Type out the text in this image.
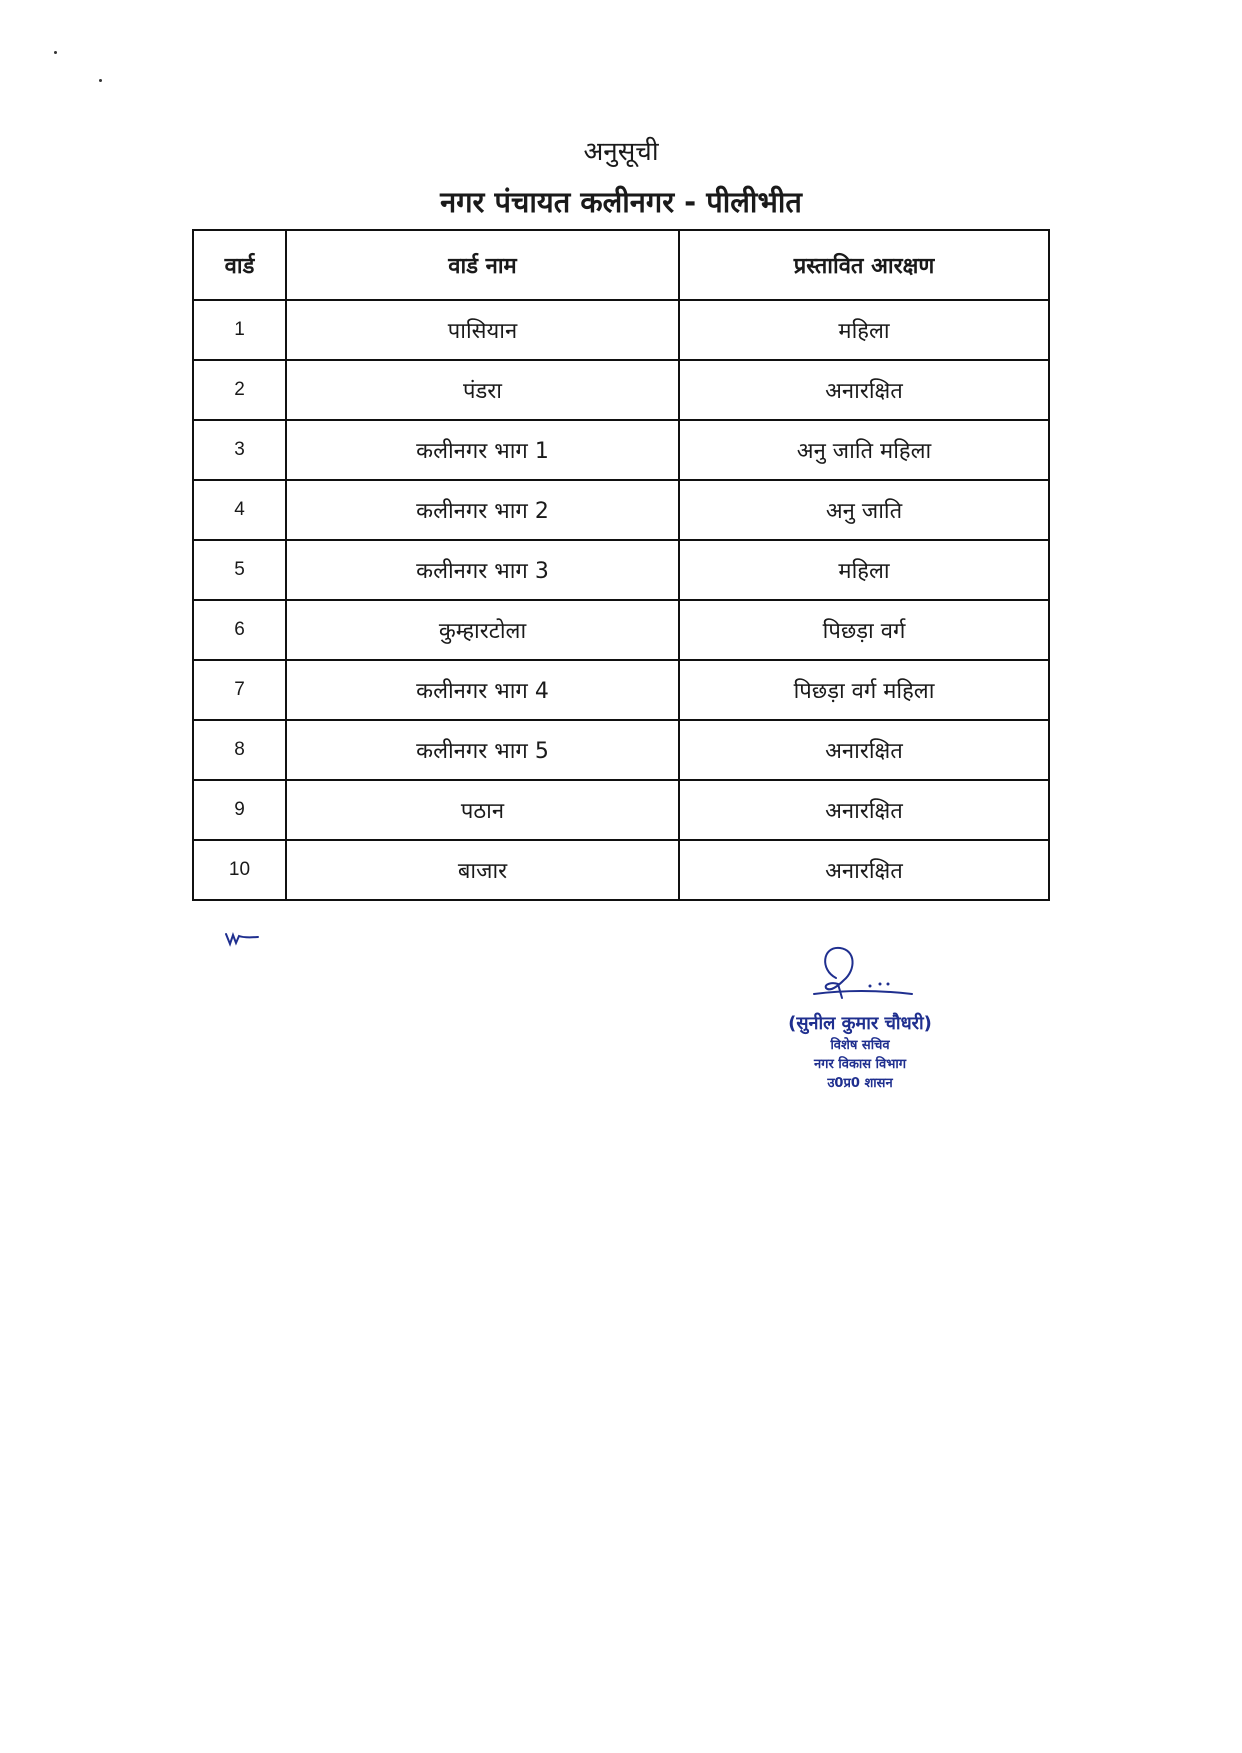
अनुसूची
नगर पंचायत कलीनगर - पीलीभीत
वार्ड	वार्ड नाम	प्रस्तावित आरक्षण
1	पासियान	महिला
2	पंडरा	अनारक्षित
3	कलीनगर भाग 1	अनु जाति महिला
4	कलीनगर भाग 2	अनु जाति
5	कलीनगर भाग 3	महिला
6	कुम्हारटोला	पिछड़ा वर्ग
7	कलीनगर भाग 4	पिछड़ा वर्ग महिला
8	कलीनगर भाग 5	अनारक्षित
9	पठान	अनारक्षित
10	बाजार	अनारक्षित
(सुनील कुमार चौधरी)
विशेष सचिव
नगर विकास विभाग
उ0प्र0 शासन
